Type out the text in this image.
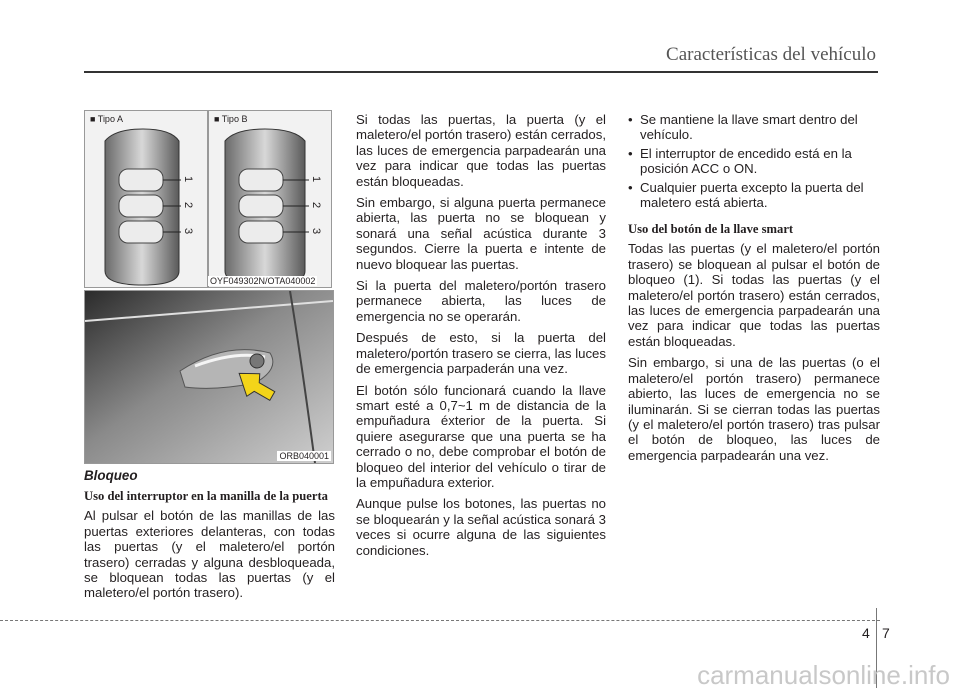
Características del vehículo
■ Tipo A
1
2
3
■ Tipo B
1
2
3
OYF049302N/OTA040002
ORB040001
Bloqueo
Uso del interruptor en la manilla de la puerta

Al pulsar el botón de las manillas de las puertas exteriores delanteras, con todas las puertas (y el maletero/el portón trasero) cerradas y alguna desbloqueada, se bloquean todas las puertas (y el maletero/el portón trasero).

Si todas las puertas, la puerta (y el maletero/el portón trasero) están cerrados, las luces de emergencia parpadearán una vez para indicar que todas las puertas están bloqueadas.

Sin embargo, si alguna puerta permanece abierta, las puerta no se bloquean y sonará una señal acústica durante 3 segundos. Cierre la puerta e intente de nuevo bloquear las puertas.

Si la puerta del maletero/portón trasero permanece abierta, las luces de emergencia no se operarán.

Después de esto, si la puerta del maletero/portón trasero se cierra, las luces de emergencia parpaderán una vez.

El botón sólo funcionará cuando la llave smart esté a 0,7~1 m de distancia de la empuñadura éxterior de la puerta. Si quiere asegurarse que una puerta se ha cerrado o no, debe comprobar el botón de bloqueo del interior del vehículo o tirar de la empuñadura exterior.

Aunque pulse los botones, las puertas no se bloquearán y la señal acústica sonará 3 veces si ocurre alguna de las siguientes condiciones.

• Se mantiene la llave smart dentro del vehículo.
• El interruptor de encedido está en la posición ACC o ON.
• Cualquier puerta excepto la puerta del maletero está abierta.
Uso del botón de la llave smart

Todas las puertas (y el maletero/el portón trasero) se bloquean al pulsar el botón de bloqueo (1). Si todas las puertas (y el maletero/el portón trasero) están cerrados, las luces de emergencia parpadearán una vez para indicar que todas las puertas están bloqueadas.

Sin embargo, si una de las puertas (o el maletero/el portón trasero) permanece abierto, las luces de emergencia no se iluminarán. Si se cierran todas las puertas (y el maletero/el portón trasero) tras pulsar el botón de bloqueo, las luces de emergencia parpadearán una vez.

4 7
carmanualsonline.info
